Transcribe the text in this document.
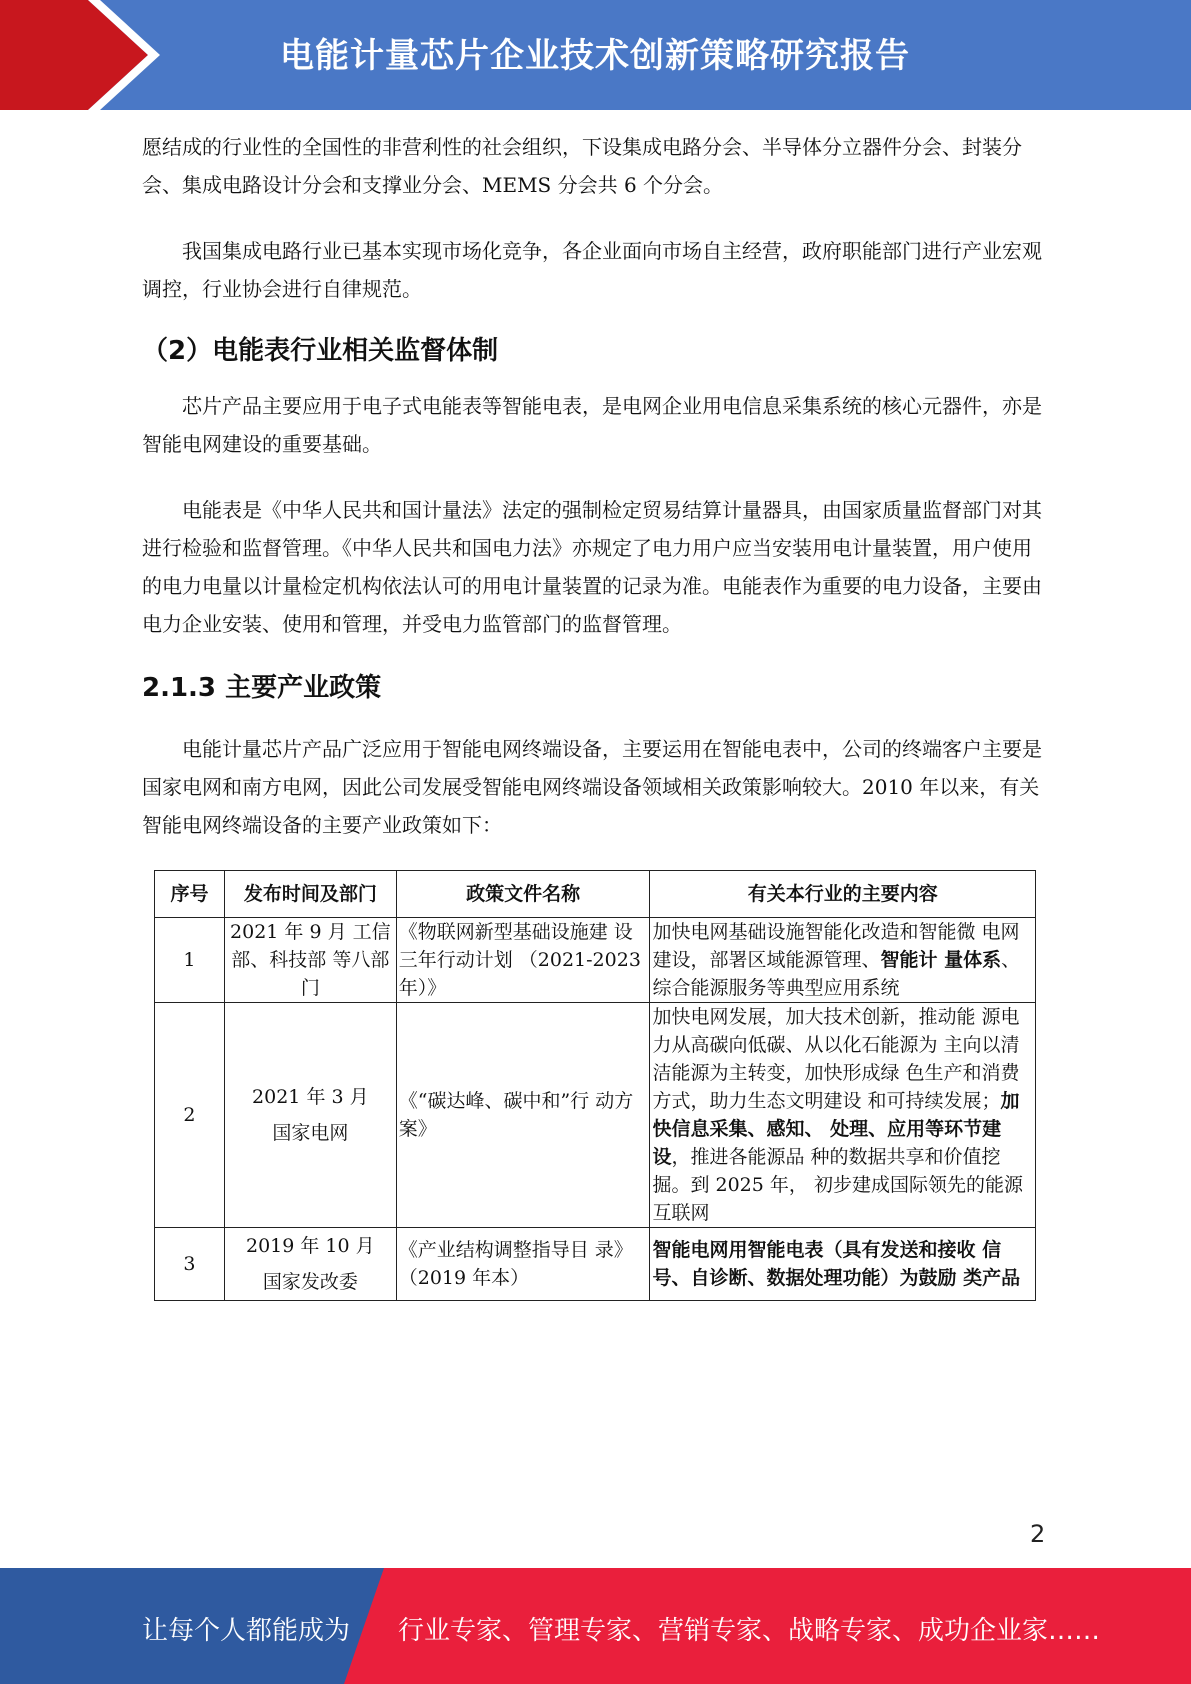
电能计量芯片企业技术创新策略研究报告

愿结成的行业性的全国性的非营利性的社会组织，下设集成电路分会、半导体分立器件分会、封装分会、集成电路设计分会和支撑业分会、MEMS 分会共 6 个分会。

我国集成电路行业已基本实现市场化竞争，各企业面向市场自主经营，政府职能部门进行产业宏观调控，行业协会进行自律规范。

（2）电能表行业相关监督体制

芯片产品主要应用于电子式电能表等智能电表，是电网企业用电信息采集系统的核心元器件，亦是智能电网建设的重要基础。

电能表是《中华人民共和国计量法》法定的强制检定贸易结算计量器具，由国家质量监督部门对其进行检验和监督管理。《中华人民共和国电力法》亦规定了电力用户应当安装用电计量装置，用户使用的电力电量以计量检定机构依法认可的用电计量装置的记录为准。电能表作为重要的电力设备，主要由电力企业安装、使用和管理，并受电力监管部门的监督管理。

2.1.3 主要产业政策

电能计量芯片产品广泛应用于智能电网终端设备，主要运用在智能电表中，公司的终端客户主要是国家电网和南方电网，因此公司发展受智能电网终端设备领域相关政策影响较大。2010 年以来，有关智能电网终端设备的主要产业政策如下：

序号	发布时间及部门	政策文件名称	有关本行业的主要内容
1	2021 年 9 月 工信部、科技部 等八部门	《物联网新型基础设施建 设三年行动计划 （2021-2023 年）》	加快电网基础设施智能化改造和智能微 电网建设，部署区域能源管理、智能计 量体系、综合能源服务等典型应用系统
2	2021 年 3 月
国家电网	《“碳达峰、碳中和”行 动方案》	加快电网发展，加大技术创新，推动能 源电力从高碳向低碳、从以化石能源为 主向以清洁能源为主转变，加快形成绿 色生产和消费方式，助力生态文明建设 和可持续发展；加快信息采集、感知、 处理、应用等环节建设，推进各能源品 种的数据共享和价值挖掘。到 2025 年， 初步建成国际领先的能源互联网
3	2019 年 10 月
国家发改委	《产业结构调整指导目 录》（2019 年本）	智能电网用智能电表（具有发送和接收 信号、自诊断、数据处理功能）为鼓励 类产品
2
让每个人都能成为 行业专家、管理专家、营销专家、战略专家、成功企业家……
